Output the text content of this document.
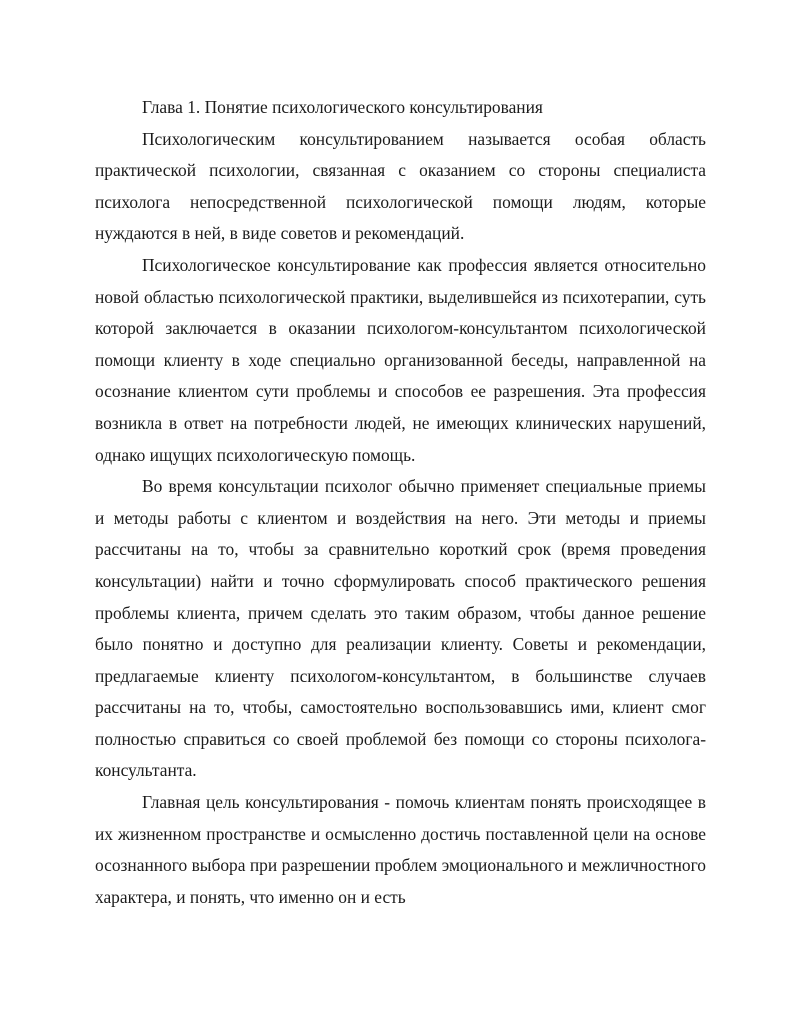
Глава 1. Понятие психологического консультирования

Психологическим консультированием называется особая область практической психологии, связанная с оказанием со стороны специалиста психолога непосредственной психологической помощи людям, которые нуждаются в ней, в виде советов и рекомендаций.

Психологическое консультирование как профессия является относительно новой областью психологической практики, выделившейся из психотерапии, суть которой заключается в оказании психологом-консультантом психологической помощи клиенту в ходе специально организованной беседы, направленной на осознание клиентом сути проблемы и способов ее разрешения. Эта профессия возникла в ответ на потребности людей, не имеющих клинических нарушений, однако ищущих психологическую помощь.

Во время консультации психолог обычно применяет специальные приемы и методы работы с клиентом и воздействия на него. Эти методы и приемы рассчитаны на то, чтобы за сравнительно короткий срок (время проведения консультации) найти и точно сформулировать способ практического решения проблемы клиента, причем сделать это таким образом, чтобы данное решение было понятно и доступно для реализации клиенту. Советы и рекомендации, предлагаемые клиенту психологом-консультантом, в большинстве случаев рассчитаны на то, чтобы, самостоятельно воспользовавшись ими, клиент смог полностью справиться со своей проблемой без помощи со стороны психолога-консультанта.

Главная цель консультирования - помочь клиентам понять происходящее в их жизненном пространстве и осмысленно достичь поставленной цели на основе осознанного выбора при разрешении проблем эмоционального и межличностного характера, и понять, что именно он и есть
